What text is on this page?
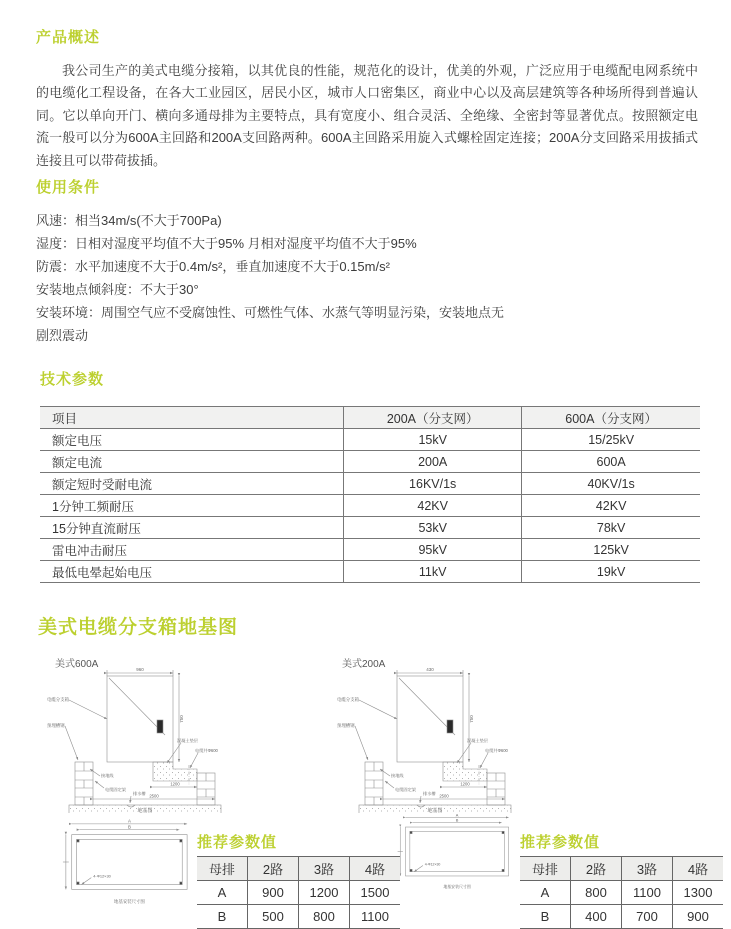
产品概述
我公司生产的美式电缆分接箱，以其优良的性能，规范化的设计，优美的外观，广泛应用于电缆配电网系统中的电缆化工程设备，在各大工业园区，居民小区，城市人口密集区，商业中心以及高层建筑等各种场所得到普遍认同。它以单向开门、横向多通母排为主要特点，具有宽度小、组合灵活、全绝缘、全密封等显著优点。按照额定电流一般可以分为600A主回路和200A支回路两种。600A主回路采用旋入式螺栓固定连接；200A分支回路采用拔插式连接且可以带荷拔插。
使用条件
风速：相当34m/s(不大于700Pa)
湿度：日相对湿度平均值不大于95% 月相对湿度平均值不大于95%
防震：水平加速度不大于0.4m/s²，垂直加速度不大于0.15m/s²
安装地点倾斜度：不大于30°
安装环境：周围空气应不受腐蚀性、可燃性气体、水蒸气等明显污染，安装地点无剧烈震动
技术参数
项目	200A（分支网）	600A（分支网）
额定电压	15kV	15/25kV
额定电流	200A	600A
额定短时受耐电流	16KV/1s	40KV/1s
1分钟工频耐压	42KV	42KV
15分钟直流耐压	53kV	78kV
雷电冲击耐压	95kV	125kV
最低电晕起始电压	11kV	19kV
美式电缆分支箱地基图
美式600A	美式200A
960
750
电缆分支箱
预埋槽钢
接地线
电缆固定架
混凝土垫层
电缆井Φ600
排水槽
1200
2500
地基图
430
750
电缆分支箱
预埋槽钢
接地线
电缆固定架
混凝土垫层
电缆井Φ600
排水槽
1200
2500
地基图
A
B
4-Φ12×30
地基安装尺寸图
A
B
4-Φ12×30
地基安装尺寸图
推荐参数值
母排	2路	3路	4路
A	900	1200	1500
B	500	800	1100
推荐参数值
母排	2路	3路	4路
A	800	1100	1300
B	400	700	900
